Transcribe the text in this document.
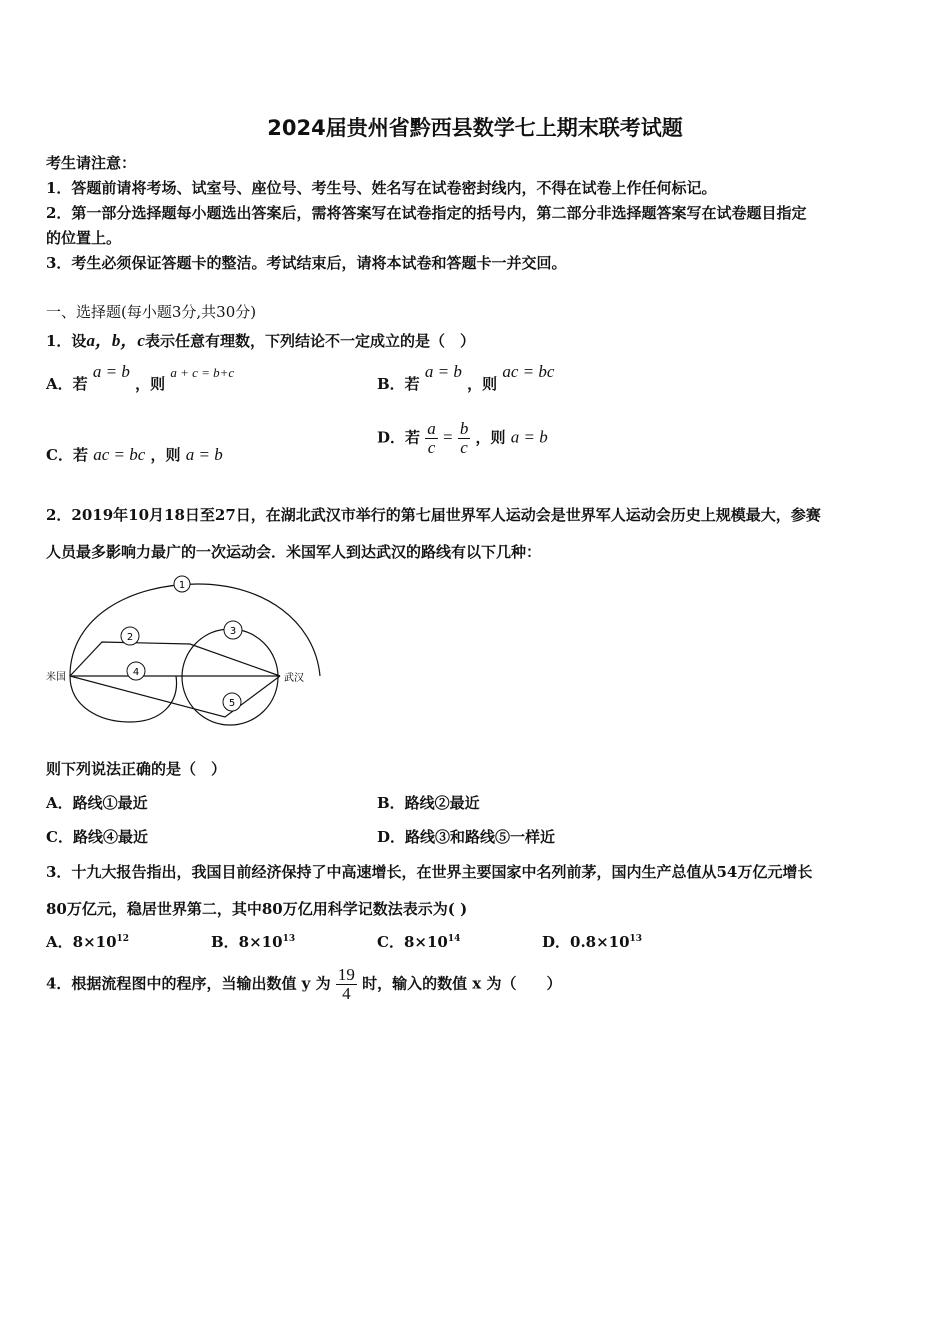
2024届贵州省黔西县数学七上期末联考试题
考生请注意：
1．答题前请将考场、试室号、座位号、考生号、姓名写在试卷密封线内，不得在试卷上作任何标记。
2．第一部分选择题每小题选出答案后，需将答案写在试卷指定的括号内，第二部分非选择题答案写在试卷题目指定
的位置上。
3．考生必须保证答题卡的整洁。考试结束后，请将本试卷和答题卡一并交回。
一、选择题(每小题3分,共30分)
1．设a，b，c表示任意有理数，下列结论不一定成立的是（　）
A．若 a = b ，则 a + c = b+c
B．若 a = b ，则 ac = bc
C．若 ac = bc ，则 a = b
D．若 $\frac{a}{c} = \frac{b}{c}$ ，则 a = b
2．2019年10月18日至27日，在湖北武汉市举行的第七届世界军人运动会是世界军人运动会历史上规模最大，参赛
人员最多影响力最广的一次运动会．米国军人到达武汉的路线有以下几种：
1
2
3
4
5
米国	武汉
则下列说法正确的是（　）
A．路线①最近	B．路线②最近
C．路线④最近	D．路线③和路线⑤一样近
3．十九大报告指出，我国目前经济保持了中高速增长，在世界主要国家中名列前茅，国内生产总值从54万亿元增长
80万亿元，稳居世界第二，其中80万亿用科学记数法表示为( )
A．$8\times 10^{12}$	B．$8\times 10^{13}$	C．$8\times 10^{14}$	D．$0.8\times 10^{13}$
4．根据流程图中的程序，当输出数值 y 为 $\frac{19}{4}$ 时，输入的数值 x 为（　　）
